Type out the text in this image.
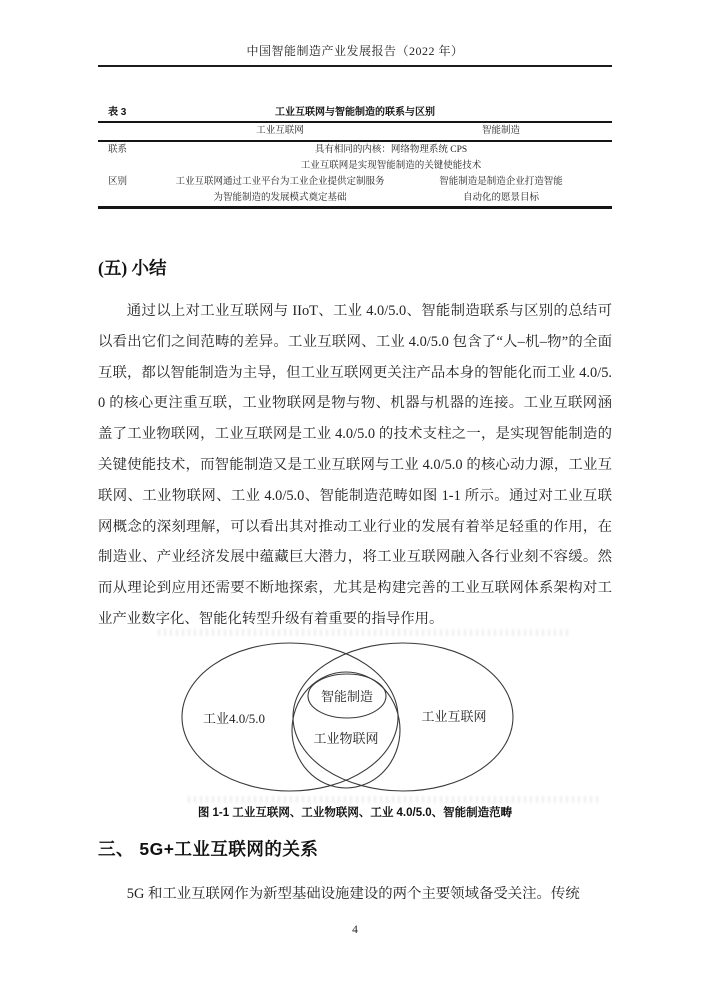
中国智能制造产业发展报告（2022 年）
表 3	工业互联网与智能制造的联系与区别
工业互联网	智能制造
联系	具有相同的内核：网络物理系统 CPS
工业互联网是实现智能制造的关键使能技术
区别	工业互联网通过工业平台为工业企业提供定制服务	智能制造是制造企业打造智能
为智能制造的发展模式奠定基础	自动化的愿景目标
(五) 小结

通过以上对工业互联网与 IIoT、工业 4.0/5.0、智能制造联系与区别的总结可以看出它们之间范畴的差异。工业互联网、工业 4.0/5.0 包含了“人–机–物”的全面互联，都以智能制造为主导，但工业互联网更关注产品本身的智能化而工业 4.0/5.0 的核心更注重互联，工业物联网是物与物、机器与机器的连接。工业互联网涵盖了工业物联网，工业互联网是工业 4.0/5.0 的技术支柱之一，是实现智能制造的关键使能技术，而智能制造又是工业互联网与工业 4.0/5.0 的核心动力源，工业互联网、工业物联网、工业 4.0/5.0、智能制造范畴如图 1-1 所示。通过对工业互联网概念的深刻理解，可以看出其对推动工业行业的发展有着举足轻重的作用，在制造业、产业经济发展中蕴藏巨大潜力，将工业互联网融入各行业刻不容缓。然而从理论到应用还需要不断地探索，尤其是构建完善的工业互联网体系架构对工业产业数字化、智能化转型升级有着重要的指导作用。

工业4.0/5.0	工业互联网
智能制造
工业物联网
图 1-1 工业互联网、工业物联网、工业 4.0/5.0、智能制造范畴
三、 5G+工业互联网的关系

5G 和工业互联网作为新型基础设施建设的两个主要领域备受关注。传统

4
